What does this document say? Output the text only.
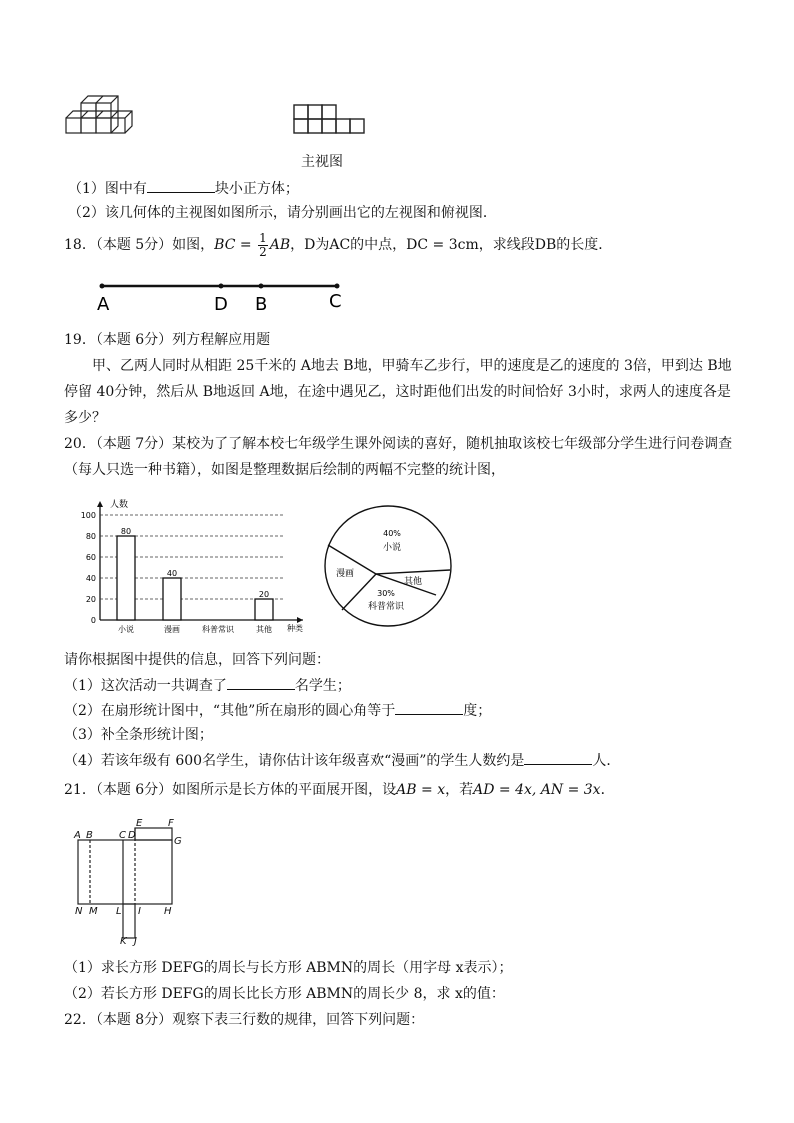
主视图
（1）图中有	块小正方体；
（2）该几何体的主视图如图所示，请分别画出它的左视图和俯视图．
18．（本题 5分）如图，BC = $\frac{1}{2}$ AB，D为AC的中点，DC = 3cm，求线段DB的长度．
A	D B	C
19．（本题 6分）列方程解应用题
甲、乙两人同时从相距 25千米的 A地去 B地，甲骑车乙步行，甲的速度是乙的速度的 3倍，甲到达 B地
停留 40分钟，然后从 B地返回 A地，在途中遇见乙，这时距他们出发的时间恰好 3小时，求两人的速度各是
多少？
20．（本题 7分）某校为了了解本校七年级学生课外阅读的喜好，随机抽取该校七年级部分学生进行问卷调查
（每人只选一种书籍），如图是整理数据后绘制的两幅不完整的统计图，
人数
种类
0
20
40
60
80
100
80
小说
40
漫画	科普常识
20
其他
40%
小说
漫画
其他
30%
科普常识
请你根据图中提供的信息，回答下列问题：
（1）这次活动一共调查了	名学生；
（2）在扇形统计图中，“其他”所在扇形的圆心角等于	度；
（3）补全条形统计图；
（4）若该年级有 600名学生，请你估计该年级喜欢“漫画”的学生人数约是	人．
21．（本题 6分）如图所示是长方体的平面展开图，设AB = x，若AD = 4x, AN = 3x．
A B	C D
E	F
G
H
I
J
K
L
M
N
（1）求长方形 DEFG的周长与长方形 ABMN的周长（用字母 x表示）；
（2）若长方形 DEFG的周长比长方形 ABMN的周长少 8，求 x的值：
22．（本题 8分）观察下表三行数的规律，回答下列问题：
